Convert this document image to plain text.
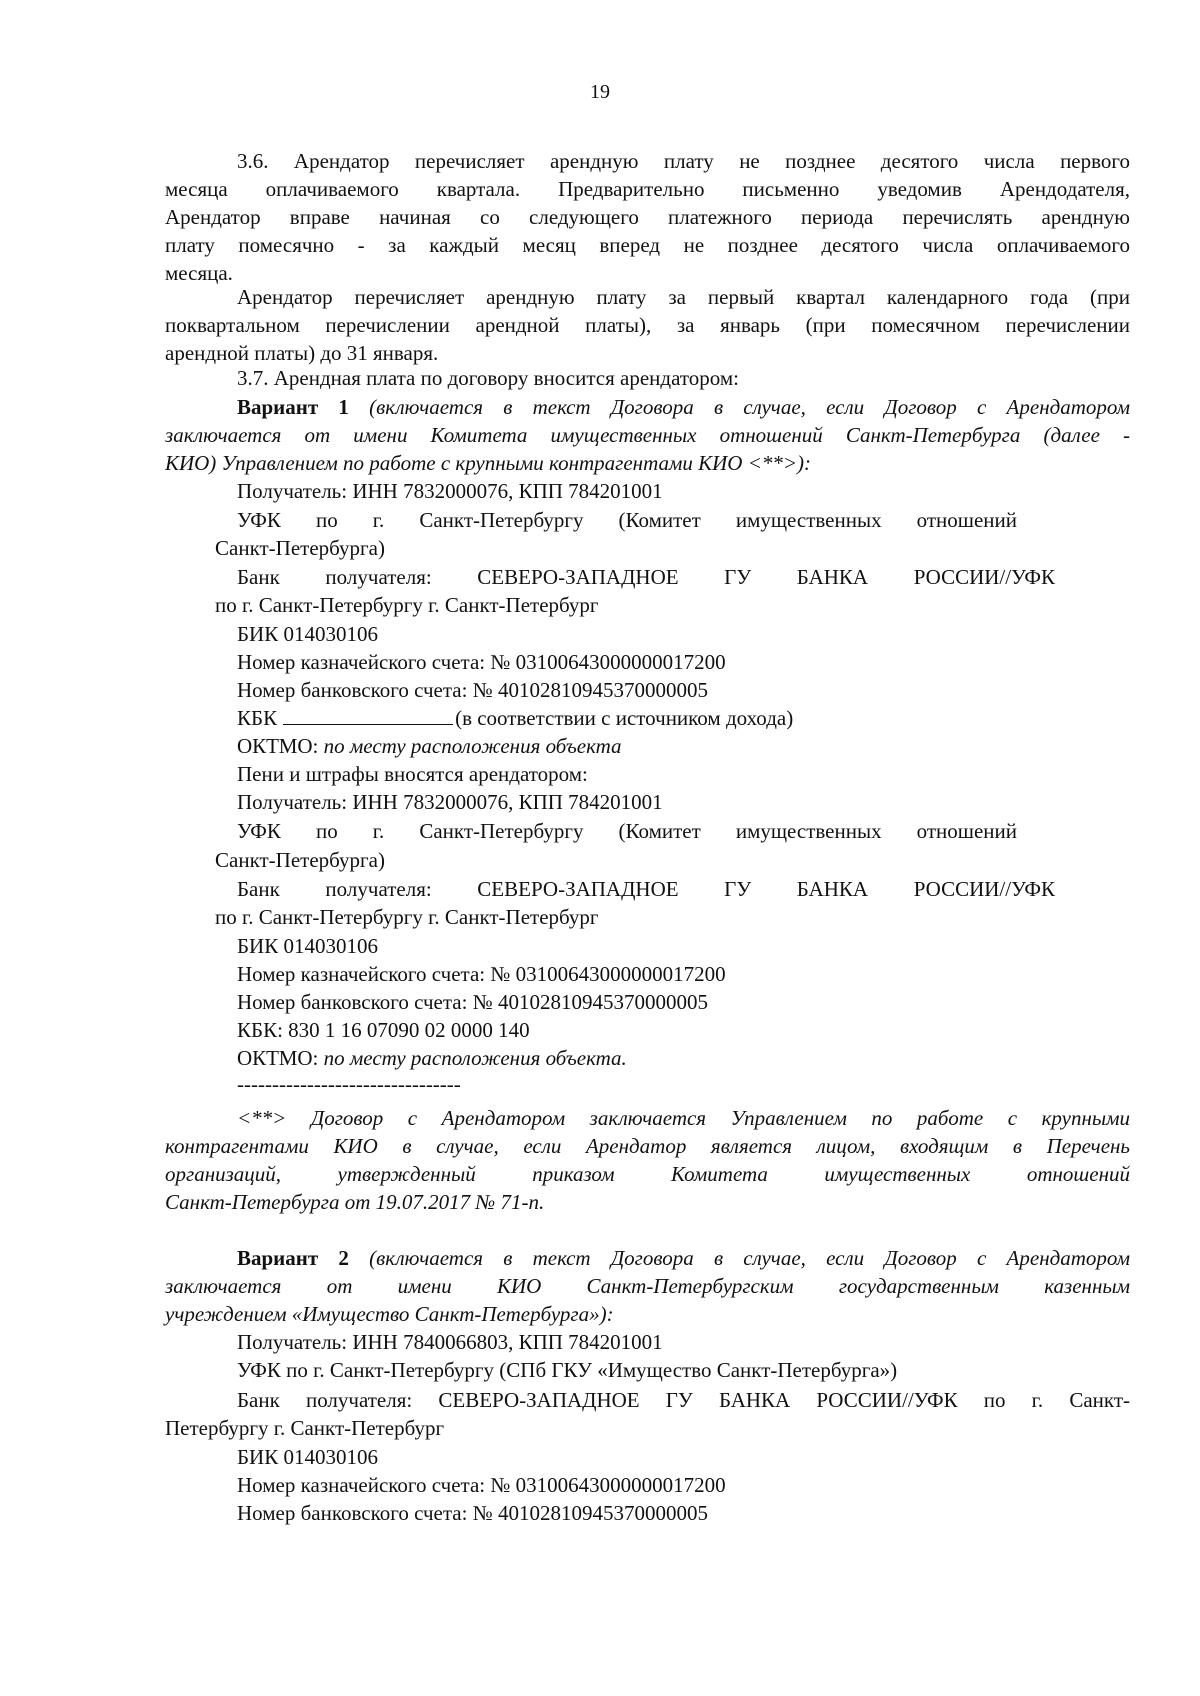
19

3.6. Арендатор перечисляет арендную плату не позднее десятого числа первого

месяца оплачиваемого квартала. Предварительно письменно уведомив Арендодателя,

Арендатор вправе начиная со следующего платежного периода перечислять арендную

плату помесячно - за каждый месяц вперед не позднее десятого числа оплачиваемого

месяца.

Арендатор перечисляет арендную плату за первый квартал календарного года (при

поквартальном перечислении арендной платы), за январь (при помесячном перечислении

арендной платы) до 31 января.

3.7. Арендная плата по договору вносится арендатором:

Вариант 1 (включается в текст Договора в случае, если Договор с Арендатором

заключается от имени Комитета имущественных отношений Санкт-Петербурга (далее -

КИО) Управлением по работе с крупными контрагентами КИО <**>):

Получатель: ИНН 7832000076, КПП 784201001

УФК по г. Санкт-Петербургу (Комитет имущественных отношений

Санкт-Петербурга)

Банк получателя: СЕВЕРО-ЗАПАДНОЕ ГУ БАНКА РОССИИ//УФК

по г. Санкт-Петербургу г. Санкт-Петербург

БИК 014030106

Номер казначейского счета: № 03100643000000017200

Номер банковского счета: № 40102810945370000005

КБК	(в соответствии с источником дохода)

ОКТМО: по месту расположения объекта

Пени и штрафы вносятся арендатором:

Получатель: ИНН 7832000076, КПП 784201001

УФК по г. Санкт-Петербургу (Комитет имущественных отношений

Санкт-Петербурга)

Банк получателя: СЕВЕРО-ЗАПАДНОЕ ГУ БАНКА РОССИИ//УФК

по г. Санкт-Петербургу г. Санкт-Петербург

БИК 014030106

Номер казначейского счета: № 03100643000000017200

Номер банковского счета: № 40102810945370000005

КБК: 830 1 16 07090 02 0000 140

ОКТМО: по месту расположения объекта.

--------------------------------

<**> Договор с Арендатором заключается Управлением по работе с крупными

контрагентами КИО в случае, если Арендатор является лицом, входящим в Перечень

организаций, утвержденный приказом Комитета имущественных отношений

Санкт-Петербурга от 19.07.2017 № 71-п.

Вариант 2 (включается в текст Договора в случае, если Договор с Арендатором

заключается от имени КИО Санкт-Петербургским государственным казенным

учреждением «Имущество Санкт-Петербурга»):

Получатель: ИНН 7840066803, КПП 784201001

УФК по г. Санкт-Петербургу (СПб ГКУ «Имущество Санкт-Петербурга»)

Банк получателя: СЕВЕРО-ЗАПАДНОЕ ГУ БАНКА РОССИИ//УФК по г. Санкт-

Петербургу г. Санкт-Петербург

БИК 014030106

Номер казначейского счета: № 03100643000000017200

Номер банковского счета: № 40102810945370000005
